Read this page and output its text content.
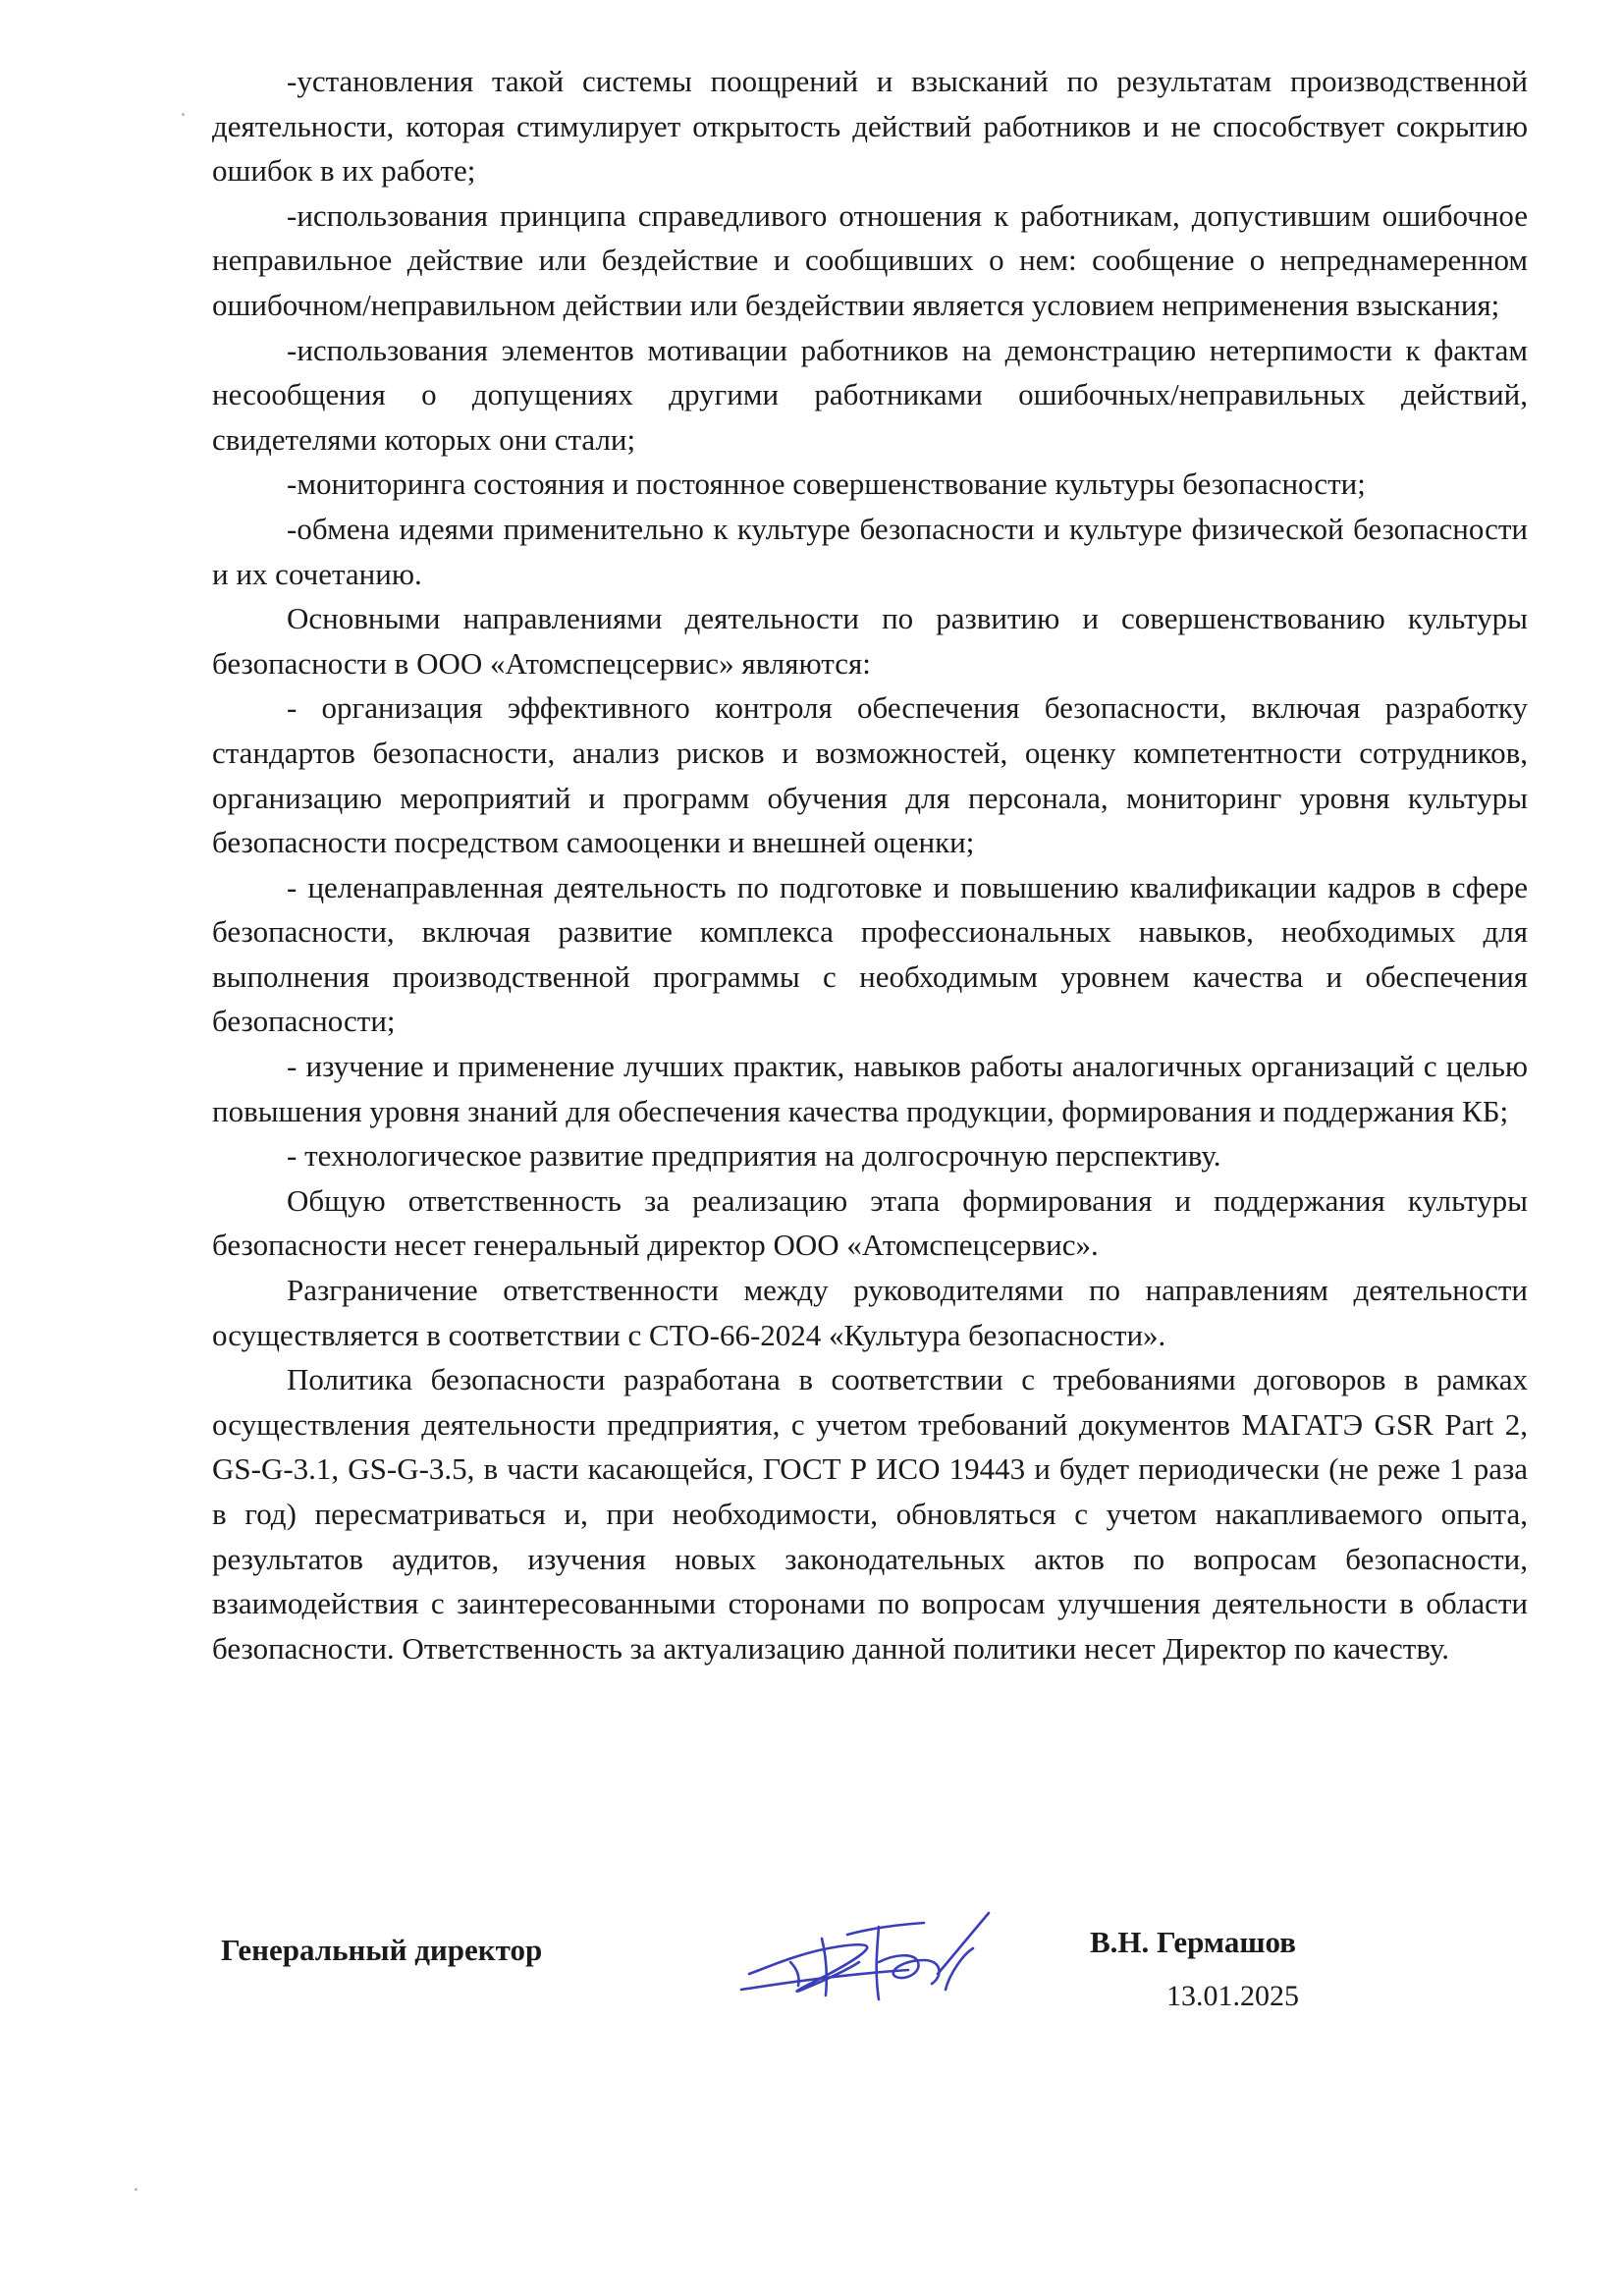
-установления такой системы поощрений и взысканий по результатам производственной деятельности, которая стимулирует открытость действий работников и не способствует сокрытию ошибок в их работе;

-использования принципа справедливого отношения к работникам, допустившим ошибочное неправильное действие или бездействие и сообщивших о нем: сообщение о непреднамеренном ошибочном/неправильном действии или бездействии является условием неприменения взыскания;

-использования элементов мотивации работников на демонстрацию нетерпимости к фактам несообщения о допущениях другими работниками ошибочных/неправильных действий, свидетелями которых они стали;

-мониторинга состояния и постоянное совершенствование культуры безопасности;

-обмена идеями применительно к культуре безопасности и культуре физической безопасности и их сочетанию.

Основными направлениями деятельности по развитию и совершенствованию культуры безопасности в ООО «Атомспецсервис» являются:

- организация эффективного контроля обеспечения безопасности, включая разработку стандартов безопасности, анализ рисков и возможностей, оценку компетентности сотрудников, организацию мероприятий и программ обучения для персонала, мониторинг уровня культуры безопасности посредством самооценки и внешней оценки;

- целенаправленная деятельность по подготовке и повышению квалификации кадров в сфере безопасности, включая развитие комплекса профессиональных навыков, необходимых для выполнения производственной программы с необходимым уровнем качества и обеспечения безопасности;

- изучение и применение лучших практик, навыков работы аналогичных организаций с целью повышения уровня знаний для обеспечения качества продукции, формирования и поддержания КБ;

- технологическое развитие предприятия на долгосрочную перспективу.

Общую ответственность за реализацию этапа формирования и поддержания культуры безопасности несет генеральный директор ООО «Атомспецсервис».

Разграничение ответственности между руководителями по направлениям деятельности осуществляется в соответствии с СТО-66-2024 «Культура безопасности».

Политика безопасности разработана в соответствии с требованиями договоров в рамках осуществления деятельности предприятия, с учетом требований документов МАГАТЭ GSR Part 2, GS-G-3.1, GS-G-3.5, в части касающейся, ГОСТ Р ИСО 19443 и будет периодически (не реже 1 раза в год) пересматриваться и, при необходимости, обновляться с учетом накапливаемого опыта, результатов аудитов, изучения новых законодательных актов по вопросам безопасности, взаимодействия с заинтересованными сторонами по вопросам улучшения деятельности в области безопасности. Ответственность за актуализацию данной политики несет Директор по качеству.

Генеральный директор	В.Н. Гермашов

13.01.2025
